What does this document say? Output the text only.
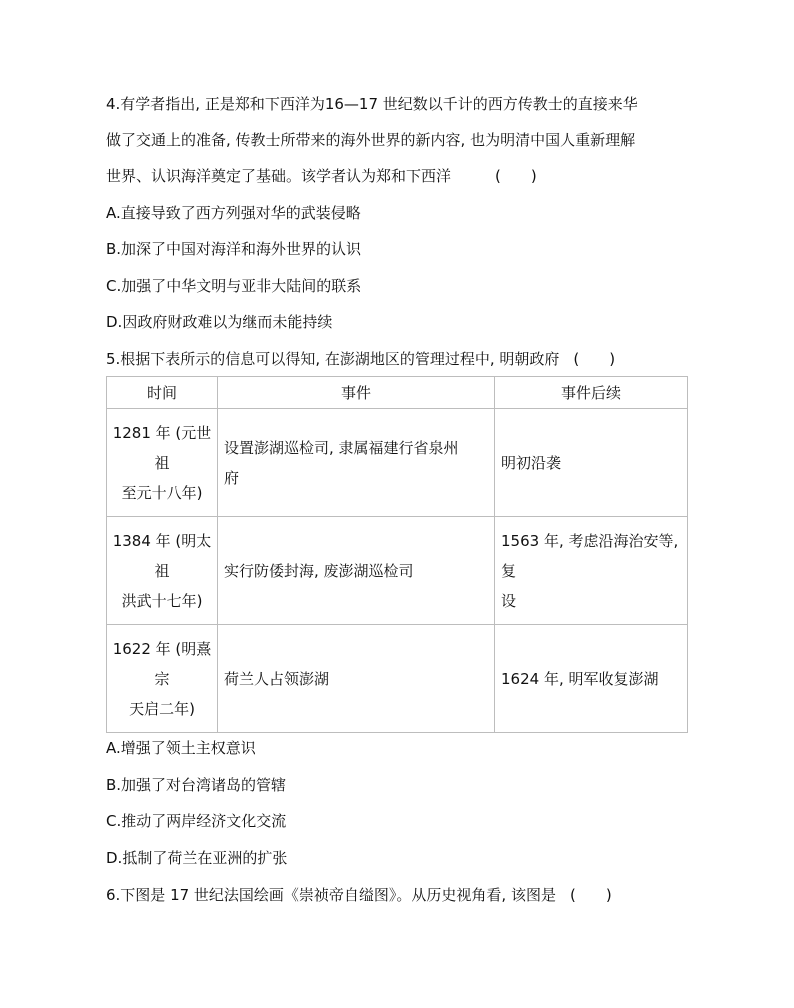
4.有学者指出, 正是郑和下西洋为16—17 世纪数以千计的西方传教士的直接来华
做了交通上的准备, 传教士所带来的海外世界的新内容, 也为明清中国人重新理解
世界、认识海洋奠定了基础。该学者认为郑和下西洋	(　　)
A.直接导致了西方列强对华的武装侵略
B.加深了中国对海洋和海外世界的认识
C.加强了中华文明与亚非大陆间的联系
D.因政府财政难以为继而未能持续
5.根据下表所示的信息可以得知, 在澎湖地区的管理过程中, 明朝政府 (　　)
时间	事件	事件后续

1281 年 (元世
祖
至元十八年)	设置澎湖巡检司, 隶属福建行省泉州
府	明初沿袭

1384 年 (明太
祖
洪武十七年)	实行防倭封海, 废澎湖巡检司	1563 年, 考虑沿海治安等, 复
设

1622 年 (明熹
宗
天启二年)	荷兰人占领澎湖	1624 年, 明军收复澎湖
A.增强了领土主权意识
B.加强了对台湾诸岛的管辖
C.推动了两岸经济文化交流
D.抵制了荷兰在亚洲的扩张
6.下图是 17 世纪法国绘画《崇祯帝自缢图》。从历史视角看, 该图是 (　　)
